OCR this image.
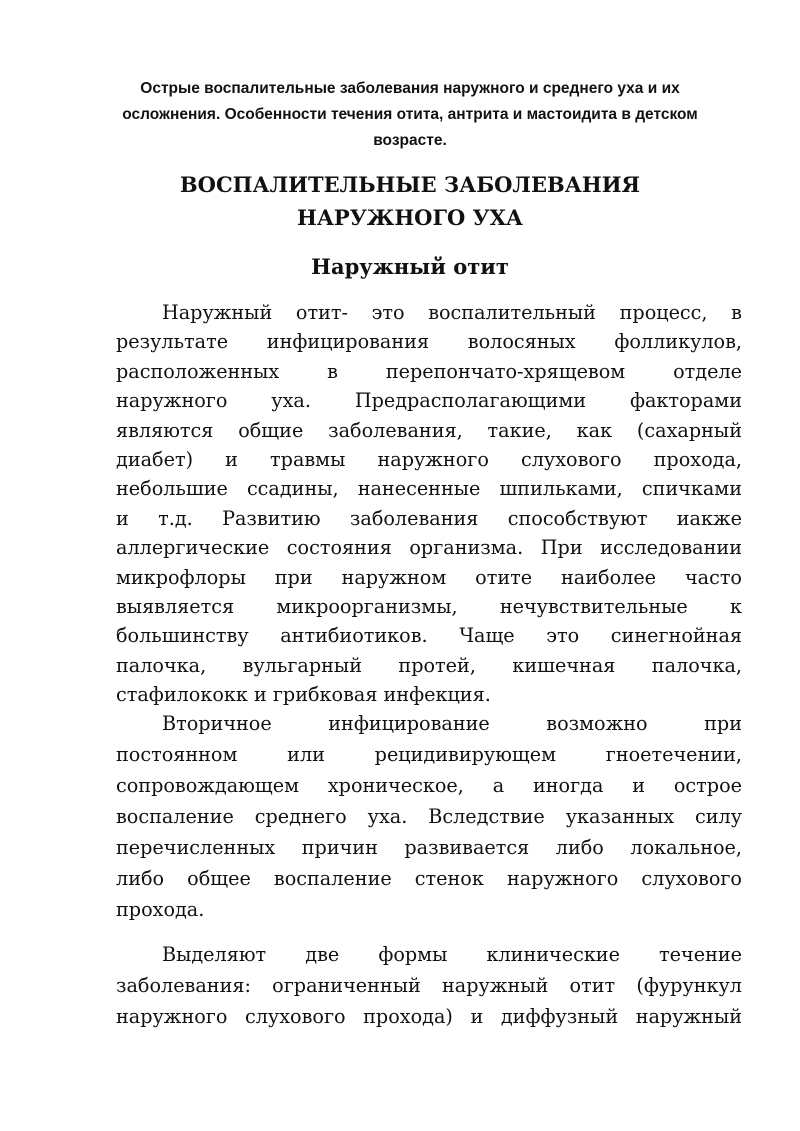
Острые воспалительные заболевания наружного и среднего уха и их осложнения. Особенности течения отита, антрита и мастоидита в детском возрасте.

ВОСПАЛИТЕЛЬНЫЕ ЗАБОЛЕВАНИЯ НАРУЖНОГО УХА
Наружный отит

Наружный отит- это воспалительный процесс, в
результате инфицирования волосяных фолликулов,
расположенных в перепончато-хрящевом отделе
наружного уха. Предрасполагающими факторами
являются общие заболевания, такие, как (сахарный
диабет) и травмы наружного слухового прохода,
небольшие ссадины, нанесенные шпильками, спичками
и т.д. Развитию заболевания способствуют иакже
аллергические состояния организма. При исследовании
микрофлоры при наружном отите наиболее часто
выявляется микроорганизмы, нечувствительные к
большинству антибиотиков. Чаще это синегнойная
палочка, вульгарный протей, кишечная палочка,
стафилококк и грибковая инфекция.

Вторичное инфицирование возможно при
постоянном или рецидивирующем гноетечении,
сопровождающем хроническое, а иногда и острое
воспаление среднего уха. Вследствие указанных силу
перечисленных причин развивается либо локальное,
либо общее воспаление стенок наружного слухового
прохода.

Выделяют две формы клинические течение
заболевания: ограниченный наружный отит (фурункул
наружного слухового прохода) и диффузный наружный
